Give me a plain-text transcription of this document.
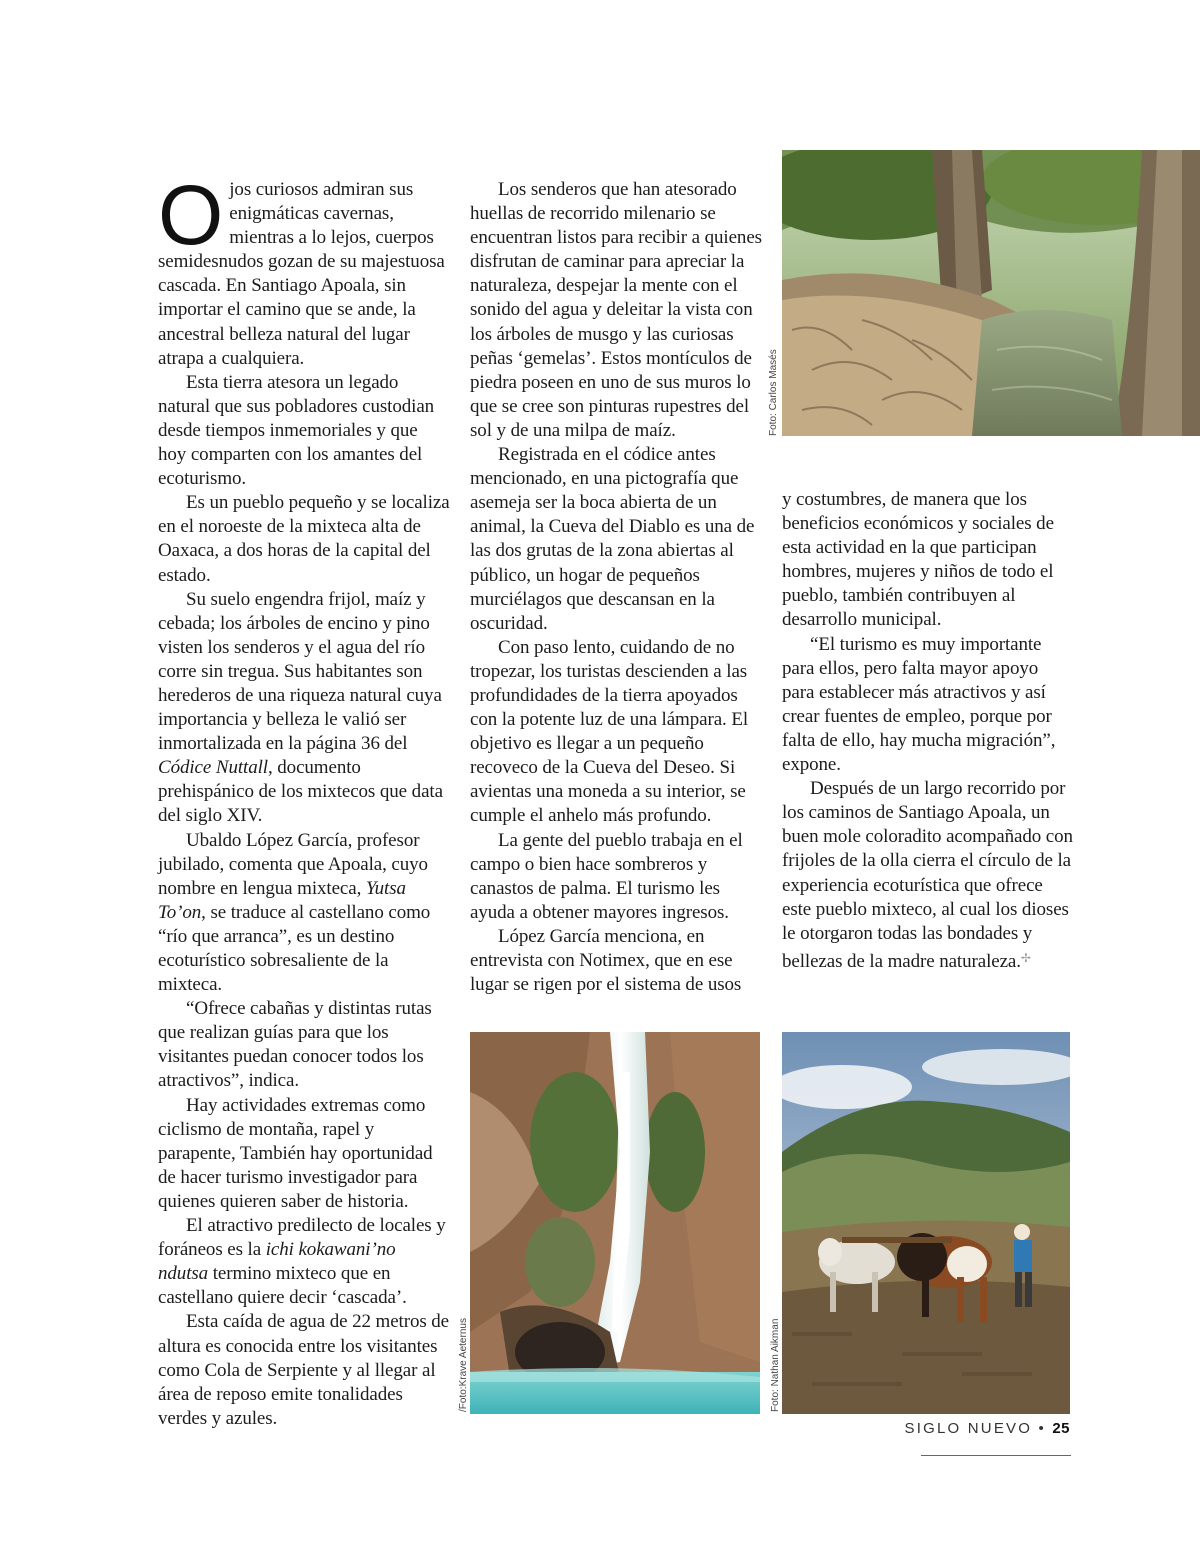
Ojos curiosos admiran sus enigmáticas cavernas, mientras a lo lejos, cuerpos semidesnudos gozan de su majestuosa cascada. En Santiago Apoala, sin importar el camino que se ande, la ancestral belleza natural del lugar atrapa a cualquiera.

Esta tierra atesora un legado natural que sus pobladores custodian desde tiempos inmemoriales y que hoy comparten con los amantes del ecoturismo.

Es un pueblo pequeño y se localiza en el noroeste de la mixteca alta de Oaxaca, a dos horas de la capital del estado.

Su suelo engendra frijol, maíz y cebada; los árboles de encino y pino visten los senderos y el agua del río corre sin tregua. Sus habitantes son herederos de una riqueza natural cuya importancia y belleza le valió ser inmortalizada en la página 36 del Códice Nuttall, documento prehispánico de los mixtecos que data del siglo XIV.

Ubaldo López García, profesor jubilado, comenta que Apoala, cuyo nombre en lengua mixteca, Yutsa To’on, se traduce al castellano como “río que arranca”, es un destino ecoturístico sobresaliente de la mixteca.

“Ofrece cabañas y distintas rutas que realizan guías para que los visitantes puedan conocer todos los atractivos”, indica.

Hay actividades extremas como ciclismo de montaña, rapel y parapente, También hay oportunidad de hacer turismo investigador para quienes quieren saber de historia.

El atractivo predilecto de locales y foráneos es la ichi kokawani’no ndutsa termino mixteco que en castellano quiere decir ‘cascada’.

Esta caída de agua de 22 metros de altura es conocida entre los visitantes como Cola de Serpiente y al llegar al área de reposo emite tonalidades verdes y azules.

Los senderos que han atesorado huellas de recorrido milenario se encuentran listos para recibir a quienes disfrutan de caminar para apreciar la naturaleza, despejar la mente con el sonido del agua y deleitar la vista con los árboles de musgo y las curiosas peñas ‘gemelas’. Estos montículos de piedra poseen en uno de sus muros lo que se cree son pinturas rupestres del sol y de una milpa de maíz.

Registrada en el códice antes mencionado, en una pictografía que asemeja ser la boca abierta de un animal, la Cueva del Diablo es una de las dos grutas de la zona abiertas al público, un hogar de pequeños murciélagos que descansan en la oscuridad.

Con paso lento, cuidando de no tropezar, los turistas descienden a las profundidades de la tierra apoyados con la potente luz de una lámpara. El objetivo es llegar a un pequeño recoveco de la Cueva del Deseo. Si avientas una moneda a su interior, se cumple el anhelo más profundo.

La gente del pueblo trabaja en el campo o bien hace sombreros y canastos de palma. El turismo les ayuda a obtener mayores ingresos.

López García menciona, en entrevista con Notimex, que en ese lugar se rigen por el sistema de usos

y costumbres, de manera que los beneficios económicos y sociales de esta actividad en la que participan hombres, mujeres y niños de todo el pueblo, también contribuyen al desarrollo municipal.

“El turismo es muy importante para ellos, pero falta mayor apoyo para establecer más atractivos y así crear fuentes de empleo, porque por falta de ello, hay mucha migración”, expone.

Después de un largo recorrido por los caminos de Santiago Apoala, un buen mole coloradito acompañado con frijoles de la olla cierra el círculo de la experiencia ecoturística que ofrece este pueblo mixteco, al cual los dioses le otorgaron todas las bondades y bellezas de la madre naturaleza.✢

Foto: Carlos Masés
/Foto:Krave Aeternus	Foto: Nathan Aikman
SIGLO NUEVO • 25
